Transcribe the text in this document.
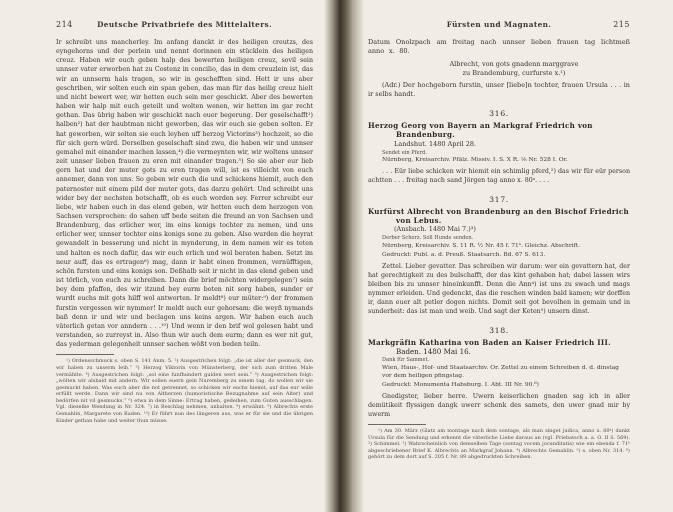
214	Deutsche Privatbriefe des Mittelalters.
Ir schreibt uns mancherley. Im anfang danckt ir des heiligen creutzs, des eyngehorns und der perlein und nennt dorinnen ein stücklein des heiligen creuz. Haben wir euch geben halp des bewerten heiligen creuz, sovil sein unnser vater erworben hat zu Costenz in concilio, das in dem creuzlein ist, das wir an unnserm hals tragen, so wir in geschefften sind. Hett ir uns aber geschriben, wir solten euch ein span geben, das man für das heilig creuz hielt und nicht bewert wer, wir hetten euch sein mer geschickt. Aber des bewerten haben wir halp mit euch geteilt und wolten wenen, wir hetten im gar recht gethan. Das übrig haben wir geschickt nach euer begerung. Der geselschafft¹) halben²) hat der haubtman nicht geworben, das wir euch sie geben solten. Er hat geworben, wir solten sie euch leyhen uff herzog Victorins³) hochzeit, so die für sich gern würd. Derselben geselschaft sind zwu, die haben wir und unnser gemahel mit einander machen lassen,⁴) die vermeynten wir, wir woltens unnser zeit unnser lieben frauen zu eren mit einander tragen.⁵) So sie aber eur lieb gern hat und der muter gots zu eren tragen will, ist es villeicht von euch annemer, dann von uns. So geben wir euch die und schickens hiemit, auch den paternoster mit einem pild der muter gots, das darzu gehört. Und schreibt uns wider bey der nechsten botschafft, ob es euch worden sey. Ferrer schreibt eur liebe, wir haben euch in das elend geben, wir hetten euch dem herzogen von Sachsen versprochen: do sahen uff bede seiten die freund an von Sachsen und Brandenburg, das erlicher wer, im eins konigs tochter zu nemen, und uns erlicher wer, unnser tochter eins konigs sone zu geben. Also wurden die heyrat gewandelt in besserung und nicht in mynderung, in dem namen wir es teten und halten es noch dafür, das wir euch erlich und wol beraten haben. Setzt im neur auff, das es ertragen⁶) mag, dann ir habt einen frommen, vernüfftigen, schön fursten und eins konigs son. Deßhalb seit ir nicht in das elend geben und ist törlich, von euch zu schreiben. Dann die brief möchten widergelegen⁷) sein bey dem pfaffen, des wir itzund bey eurm boten nit sorg haben, sunder er wurdt euchs mit gots hilff wol antworten. Ir meldt⁸) eur müter:⁹) der frommen furstin vergessen wir nymmer! Ir meldt auch eur gehorsam: die weyß nymands baß denn ir und wir und beclagen uns keins argen. Wir haben euch auch väterlich getan vor anndern . . .¹⁰) Und wenn ir den brif wol gelesen habt und verstanden, so zurreyst in. Also thun wir auch dem eurm; dann es wer nit gut, das yederman gelegenheit unnser sachen wößt von beden teiln.
¹) Ordensschmuck s. oben S. 141 Anm. 5. ²) Ausgestrichen folgt: „die ist aller der gesmuck, den wir haben zu unserm leib.“ ³) Herzog Viktorin von Münsterberg, der sich zum dritten Male vermählte. ⁴) Ausgestrichen folgt: „sol eine funfhundert gulden wert sein.“ ⁵) Ausgestrichen folgt: „wölten wir alsbald mit andern. Wir sollen euern gein Nuremberg zu einem tag, do wollen wir sie gesmuckt haben. Was euch aber die not getrennet, so schicken wir euchs hiemit, auf das eur wille erfüllt werde. Dann wir sind nu von Altherzen (humoristische Bezugnahme auf sein Alter) und bedörfen nit vil gesmucks.“ ⁶) etwa in dem Sinne: Ertrag haben, gedeihen, zum Guten ausschlagen. Vgl. dieselbe Wendung in Nr. 324. ⁷) in Beschlag nehmen, anhalten. ⁸) erwähnt. ⁹) Albrechts erste Gemahlin, Margarete von Baden. ¹⁰) Er führt nun des längeren aus, was er für sie und die übrigen Kinder gethan habe und weiter thun müsse.
Fürsten und Magnaten.	215
Datum Onolzpach am freitag nach unnser lieben frauen tag lichtmeß anno x. 80.
Albrecht, von gots gnadenn marggrave
zu Brandemburg, curfurste x.¹)
(Adr.) Der hochgeborn furstin, unser [liebe]n tochter, frauen Ursula . . . in ir selbs handt.
316.
Herzog Georg von Bayern an Markgraf Friedrich von Brandenburg.
Landshut. 1480 April 28.
Sendet ein Pferd.
Nürnberg, Kreisarchiv. Pfälz. Missiv. I. S. X R. ⅛ Nr. 528 I. Or.
. . . Eür liebe schicken wir hiemit ein schimlig pferd,²) das wir für eür person achtten . . . freitag nach sand Jörgen tag anno x. 80ᵃ. . . .
317.
Kurfürst Albrecht von Brandenburg an den Bischof Friedrich von Lebus.
(Ansbach. 1480 Mai 7.)³)
Derber Scherz. Soll Hunde senden.
Nürnberg, Kreisarchiv. S. 11 R. ½ Nr. 45 f. 71ᵃ. Gleichz. Abschrift.
Gedruckt: Publ. a. d. Preuß. Staatsarch. Bd. 67 S. 613.
Zettel. Lieber gevatter. Das schreiben wir darum: wer ein gevattern hat, der hat gerechtigkeit zu des bulschafft, der das kint gehaben hat; dabei lassen wirs bleiben bis zu unnser hineinkunfft. Denn die Ann⁴) ist uns zu swach und mags nymmer erleiden. Und gedenckt, das die reschen winden bald kamen; wir dorffen ir, dann euer alt petler dogen nichts. Domit seit got bevolhen in gemain und in sunderheit: das ist man und weib. Und sagt der Keten⁵) unsern dinst.
318.
Markgräfin Katharina von Baden an Kaiser Friedrich III. Baden. 1480 Mai 16.
Dank für Sammet.
Wien, Haus-, Hof- und Staatsarchiv. Or. Zettel zu einem Schreiben d. d. dinstag vor dem heiligen pfingstag.
Gedruckt: Monumenta Habsburg. I. Abt. III Nr. 90.⁶)
Gnedigster, lieber herre. Uwern keiserlichen gnaden sag ich in aller demütikeit flyssigen dangk uwerr schenk des samets, den uwer gnad mir by uwerm
¹) Am 30. März (Glatz am montage nach dem sontage, als man singet judica, anno x. 80ᵃ) dankt Ursula für die Sendung und erkennt die väterliche Liebe daraus an (vgl. Priebatsch a. a. O. II S. 569). ²) Schimmel. ³) Wahrscheinlich von demselben Tage (sontag vocem jocunditatis) wie ein ebenda f. 71ᵇ abgeschriebener Brief K. Albrechts an Markgraf Johann. ⁴) Albrechts Gemahlin. ⁵) s. oben Nr. 314. ⁶) gehört zu dem dort auf S. 205 f. Nr. 89 abgedruckten Schreiben.
